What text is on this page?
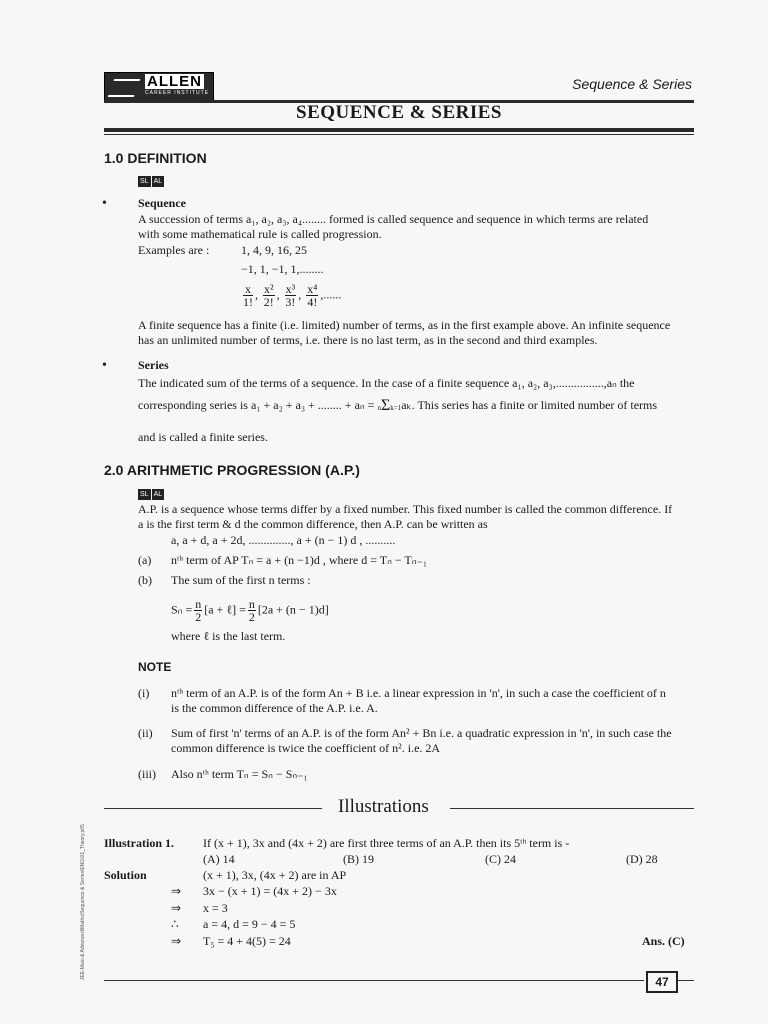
ALLEN
CAREER INSTITUTE
Sequence & Series
SEQUENCE & SERIES
1.0 DEFINITION
SL AL
•	Sequence
A succession of terms a₁, a₂, a₃, a₄........ formed is called sequence and sequence in which terms are related
with some mathematical rule is called progression.
Examples are :	1, 4, 9, 16, 25
−1, 1, −1, 1,........
$\frac{x}{1!}$ , $\frac{\text{x²}}{2!}$ , $\frac{\text{x³}}{3!}$ , $\frac{\text{x⁴}}{4!}$ ,......
A finite sequence has a finite (i.e. limited) number of terms, as in the first example above. An infinite sequence
has an unlimited number of terms, i.e. there is no last term, as in the second and third examples.
•	Series
The indicated sum of the terms of a sequence. In the case of a finite sequence a₁, a₂, a₃,................,aₙ the
corresponding series is a₁ + a₂ + a₃ + ........ + aₙ = nΣk=1aₖ. This series has a finite or limited number of terms
and is called a finite series.
2.0 ARITHMETIC PROGRESSION (A.P.)
SL AL
A.P. is a sequence whose terms differ by a fixed number. This fixed number is called the common difference. If
a is the first term & d the common difference, then A.P. can be written as
a, a + d, a + 2d, .............., a + (n − 1) d , ..........
(a) nᵗʰ term of AP Tₙ = a + (n −1)d , where d = Tₙ − Tₙ₋₁
(b) The sum of the first n terms :
$S_n = \frac{n}{2} [a$ + ℓ] = $\frac{n}{2} [2a + (n - 1)d]$
where ℓ is the last term.
NOTE
(i) nᵗʰ term of an A.P. is of the form An + B i.e. a linear expression in 'n', in such a case the coefficient of n
is the common difference of the A.P. i.e. A.
(ii) Sum of first 'n' terms of an A.P. is of the form An² + Bn i.e. a quadratic expression in 'n', in such case the
common difference is twice the coefficient of n². i.e. 2A
(iii) Also nᵗʰ term Tₙ = Sₙ − Sₙ₋₁
Illustrations
Illustration 1. If (x + 1), 3x and (4x + 2) are first three terms of an A.P. then its 5ᵗʰ term is -
(A) 14	(B) 19	(C) 24	(D) 28
Solution	(x + 1), 3x, (4x + 2) are in AP
⇒ 3x − (x + 1) = (4x + 2) − 3x
⇒ x = 3
∴ a = 4, d = 9 − 4 = 5
⇒ T₅ = 4 + 4(5) = 24	Ans. (C)
JEE-Main & Advanced\Maths\Sequence & Series\ENG\01_Theory.p65
47
